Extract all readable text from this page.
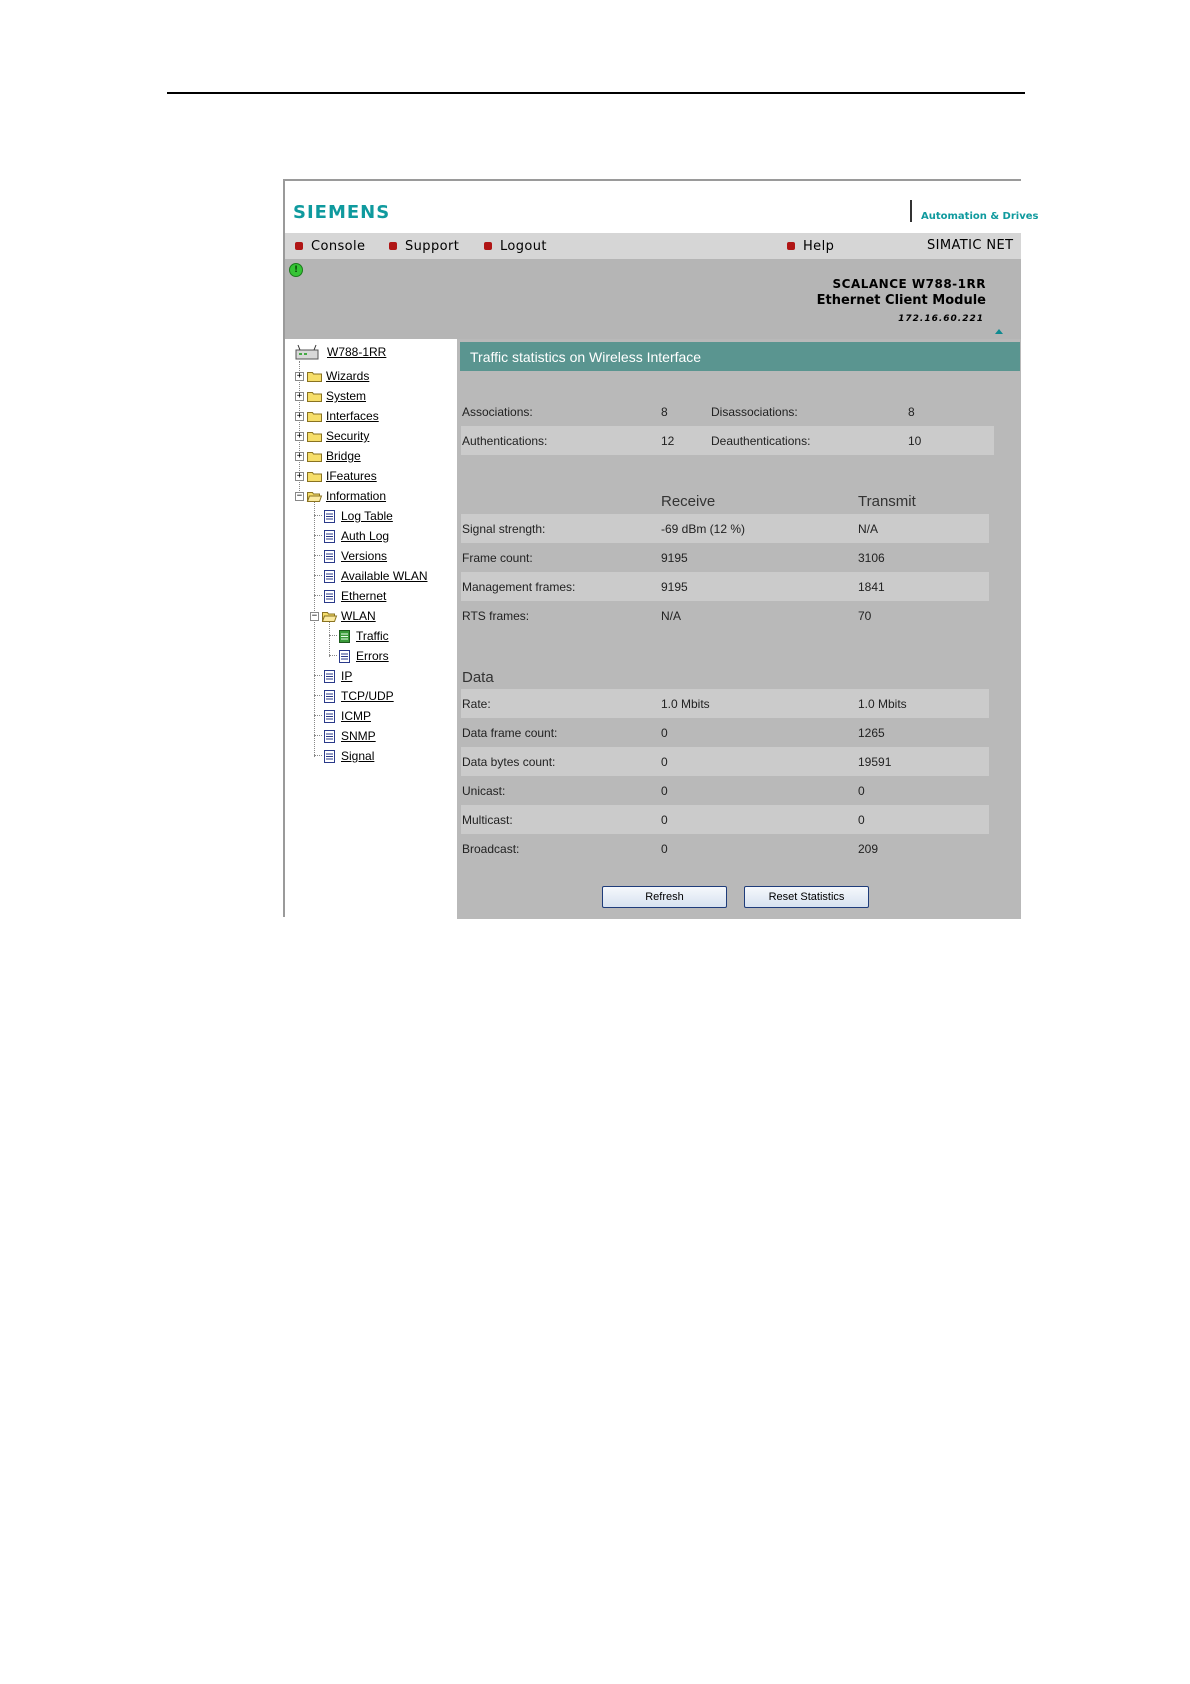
SIEMENS	Automation & Drives
Console	Support	Logout	Help	SIMATIC NET
!
SCALANCE W788-1RR
Ethernet Client Module
172.16.60.221
W788-1RR
+ Wizards
+ System
+ Interfaces
+ Security
+ Bridge
+ IFeatures
− Information
Log Table
Auth Log
Versions
Available WLAN
Ethernet
− WLAN
Traffic
Errors
IP
TCP/UDP
ICMP
SNMP
Signal
Traffic statistics on Wireless Interface
Associations:	8	Disassociations:	8
Authentications:	12	Deauthentications:	10
Receive	Transmit
Signal strength:	-69 dBm (12 %)	N/A
Frame count:	9195	3106
Management frames:	9195	1841
RTS frames:	N/A	70
Data
Rate:	1.0 Mbits	1.0 Mbits
Data frame count:	0	1265
Data bytes count:	0	19591
Unicast:	0	0
Multicast:	0	0
Broadcast:	0	209
Refresh	Reset Statistics
